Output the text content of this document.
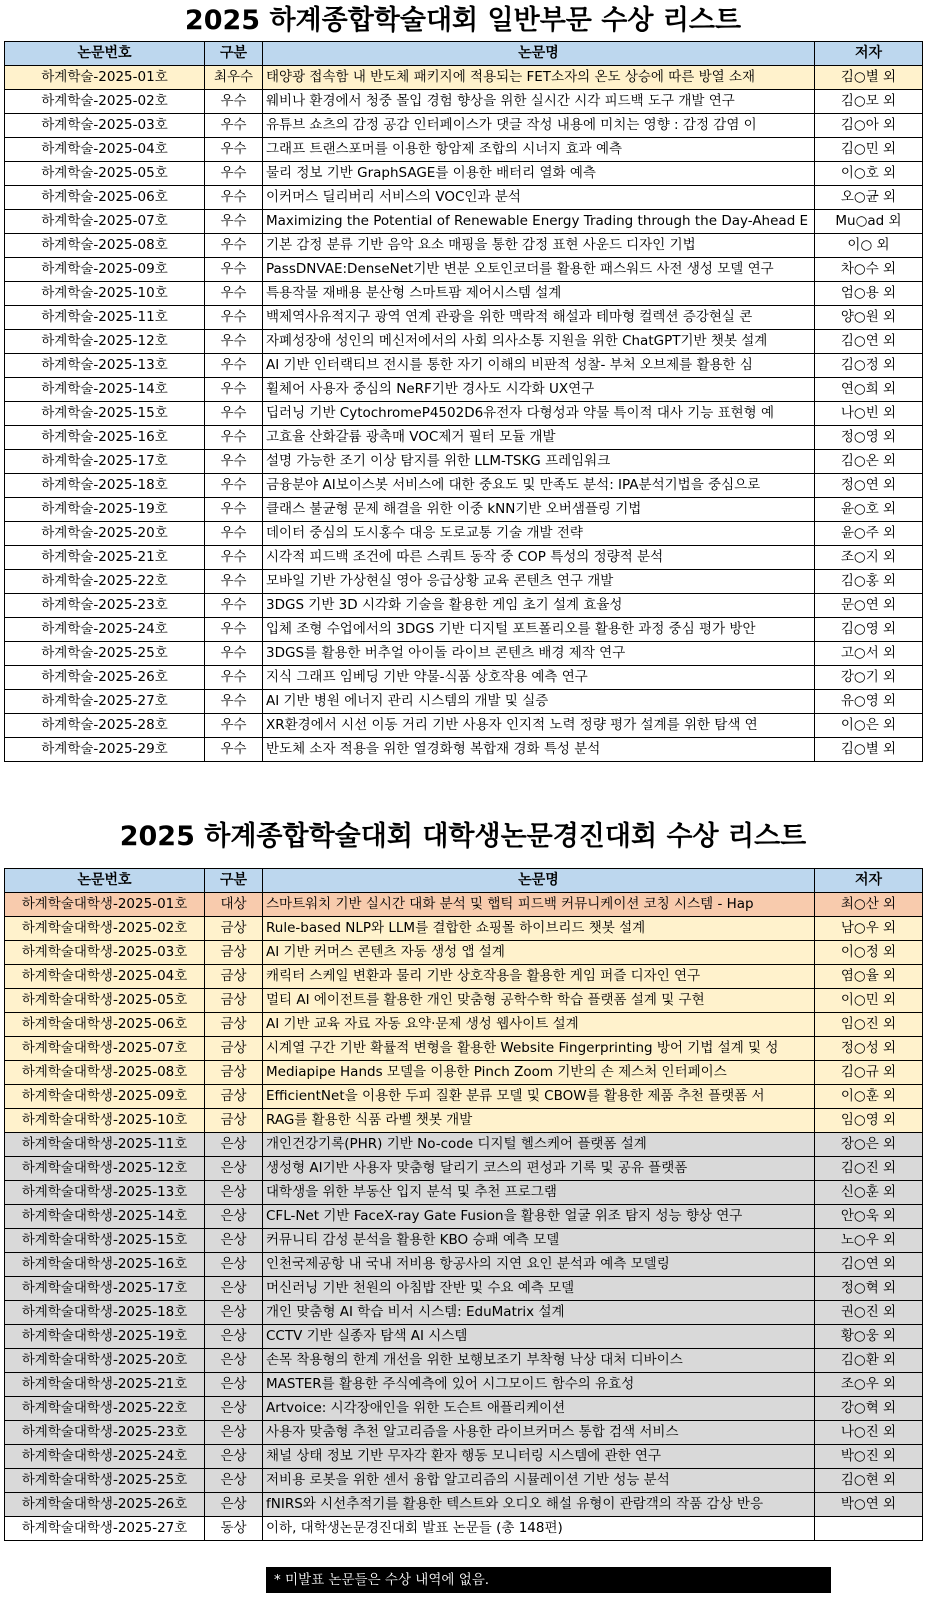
2025 하계종합학술대회 일반부문 수상 리스트
논문번호	구분	논문명	저자
하계학술-2025-01호	최우수	태양광 접속함 내 반도체 패키지에 적용되는 FET소자의 온도 상승에 따른 방열 소재	김○별 외
하계학술-2025-02호	우수	웨비나 환경에서 청중 몰입 경험 향상을 위한 실시간 시각 피드백 도구 개발 연구	김○모 외
하계학술-2025-03호	우수	유튜브 쇼츠의 감정 공감 인터페이스가 댓글 작성 내용에 미치는 영향 : 감정 감염 이	김○아 외
하계학술-2025-04호	우수	그래프 트랜스포머를 이용한 항암제 조합의 시너지 효과 예측	김○민 외
하계학술-2025-05호	우수	물리 정보 기반 GraphSAGE를 이용한 배터리 열화 예측	이○호 외
하계학술-2025-06호	우수	이커머스 딜리버리 서비스의 VOC인과 분석	오○균 외
하계학술-2025-07호	우수	Maximizing the Potential of Renewable Energy Trading through the Day-Ahead E	Mu○ad 외
하계학술-2025-08호	우수	기본 감정 분류 기반 음악 요소 매핑을 통한 감정 표현 사운드 디자인 기법	이○ 외
하계학술-2025-09호	우수	PassDNVAE:DenseNet기반 변분 오토인코더를 활용한 패스워드 사전 생성 모델 연구	차○수 외
하계학술-2025-10호	우수	특용작물 재배용 분산형 스마트팜 제어시스템 설계	엄○용 외
하계학술-2025-11호	우수	백제역사유적지구 광역 연계 관광을 위한 맥락적 해설과 테마형 컬렉션 증강현실 콘	양○원 외
하계학술-2025-12호	우수	자폐성장애 성인의 메신저에서의 사회 의사소통 지원을 위한 ChatGPT기반 챗봇 설계	김○연 외
하계학술-2025-13호	우수	AI 기반 인터랙티브 전시를 통한 자기 이해의 비판적 성찰- 부처 오브제를 활용한 심	김○정 외
하계학술-2025-14호	우수	휠체어 사용자 중심의 NeRF기반 경사도 시각화 UX연구	연○희 외
하계학술-2025-15호	우수	딥러닝 기반 CytochromeP4502D6유전자 다형성과 약물 특이적 대사 기능 표현형 예	나○빈 외
하계학술-2025-16호	우수	고효율 산화갈륨 광촉매 VOC제거 필터 모듈 개발	정○영 외
하계학술-2025-17호	우수	설명 가능한 조기 이상 탐지를 위한 LLM-TSKG 프레임워크	김○온 외
하계학술-2025-18호	우수	금융분야 AI보이스봇 서비스에 대한 중요도 및 만족도 분석: IPA분석기법을 중심으로	정○연 외
하계학술-2025-19호	우수	클래스 불균형 문제 해결을 위한 이중 kNN기반 오버샘플링 기법	윤○호 외
하계학술-2025-20호	우수	데이터 중심의 도시홍수 대응 도로교통 기술 개발 전략	윤○주 외
하계학술-2025-21호	우수	시각적 피드백 조건에 따른 스쿼트 동작 중 COP 특성의 정량적 분석	조○지 외
하계학술-2025-22호	우수	모바일 기반 가상현실 영아 응급상황 교육 콘텐츠 연구 개발	김○홍 외
하계학술-2025-23호	우수	3DGS 기반 3D 시각화 기술을 활용한 게임 초기 설계 효율성	문○연 외
하계학술-2025-24호	우수	입체 조형 수업에서의 3DGS 기반 디지털 포트폴리오를 활용한 과정 중심 평가 방안	김○영 외
하계학술-2025-25호	우수	3DGS를 활용한 버추얼 아이돌 라이브 콘텐츠 배경 제작 연구	고○서 외
하계학술-2025-26호	우수	지식 그래프 임베딩 기반 약물-식품 상호작용 예측 연구	강○기 외
하계학술-2025-27호	우수	AI 기반 병원 에너지 관리 시스템의 개발 및 실증	유○영 외
하계학술-2025-28호	우수	XR환경에서 시선 이동 거리 기반 사용자 인지적 노력 정량 평가 설계를 위한 탐색 연	이○은 외
하계학술-2025-29호	우수	반도체 소자 적용을 위한 열경화형 복합재 경화 특성 분석	김○별 외
2025 하계종합학술대회 대학생논문경진대회 수상 리스트
논문번호	구분	논문명	저자
하계학술대학생-2025-01호	대상	스마트워치 기반 실시간 대화 분석 및 햅틱 피드백 커뮤니케이션 코칭 시스템 - Hap	최○산 외
하계학술대학생-2025-02호	금상	Rule-based NLP와 LLM를 결합한 쇼핑몰 하이브리드 챗봇 설계	남○우 외
하계학술대학생-2025-03호	금상	AI 기반 커머스 콘텐츠 자동 생성 앱 설계	이○정 외
하계학술대학생-2025-04호	금상	캐릭터 스케일 변환과 물리 기반 상호작용을 활용한 게임 퍼즐 디자인 연구	염○율 외
하계학술대학생-2025-05호	금상	멀티 AI 에이전트를 활용한 개인 맞춤형 공학수학 학습 플랫폼 설계 및 구현	이○민 외
하계학술대학생-2025-06호	금상	AI 기반 교육 자료 자동 요약·문제 생성 웹사이트 설계	임○진 외
하계학술대학생-2025-07호	금상	시계열 구간 기반 확률적 변형을 활용한 Website Fingerprinting 방어 기법 설계 및 성	정○성 외
하계학술대학생-2025-08호	금상	Mediapipe Hands 모델을 이용한 Pinch Zoom 기반의 손 제스처 인터페이스	김○규 외
하계학술대학생-2025-09호	금상	EfficientNet을 이용한 두피 질환 분류 모델 및 CBOW를 활용한 제품 추천 플랫폼 서	이○훈 외
하계학술대학생-2025-10호	금상	RAG를 활용한 식품 라벨 챗봇 개발	임○영 외
하계학술대학생-2025-11호	은상	개인건강기록(PHR) 기반 No-code 디지털 헬스케어 플랫폼 설계	장○은 외
하계학술대학생-2025-12호	은상	생성형 AI기반 사용자 맞춤형 달리기 코스의 편성과 기록 및 공유 플랫폼	김○진 외
하계학술대학생-2025-13호	은상	대학생을 위한 부동산 입지 분석 및 추천 프로그램	신○훈 외
하계학술대학생-2025-14호	은상	CFL-Net 기반 FaceX-ray Gate Fusion을 활용한 얼굴 위조 탐지 성능 향상 연구	안○욱 외
하계학술대학생-2025-15호	은상	커뮤니티 감성 분석을 활용한 KBO 승패 예측 모델	노○우 외
하계학술대학생-2025-16호	은상	인천국제공항 내 국내 저비용 항공사의 지연 요인 분석과 예측 모델링	김○연 외
하계학술대학생-2025-17호	은상	머신러닝 기반 천원의 아침밥 잔반 및 수요 예측 모델	정○혁 외
하계학술대학생-2025-18호	은상	개인 맞춤형 AI 학습 비서 시스템: EduMatrix 설계	권○진 외
하계학술대학생-2025-19호	은상	CCTV 기반 실종자 탐색 AI 시스템	황○웅 외
하계학술대학생-2025-20호	은상	손목 착용형의 한계 개선을 위한 보행보조기 부착형 낙상 대처 디바이스	김○환 외
하계학술대학생-2025-21호	은상	MASTER를 활용한 주식예측에 있어 시그모이드 함수의 유효성	조○우 외
하계학술대학생-2025-22호	은상	Artvoice: 시각장애인을 위한 도슨트 애플리케이션	강○혁 외
하계학술대학생-2025-23호	은상	사용자 맞춤형 추천 알고리즘을 사용한 라이브커머스 통합 검색 서비스	나○진 외
하계학술대학생-2025-24호	은상	채널 상태 정보 기반 무자각 환자 행동 모니터링 시스템에 관한 연구	박○진 외
하계학술대학생-2025-25호	은상	저비용 로봇을 위한 센서 융합 알고리즘의 시뮬레이션 기반 성능 분석	김○현 외
하계학술대학생-2025-26호	은상	fNIRS와 시선추적기를 활용한 텍스트와 오디오 해설 유형이 관람객의 작품 감상 반응	박○연 외
하계학술대학생-2025-27호	동상	이하, 대학생논문경진대회 발표 논문들 (총 148편)	
* 미발표 논문들은 수상 내역에 없음.
